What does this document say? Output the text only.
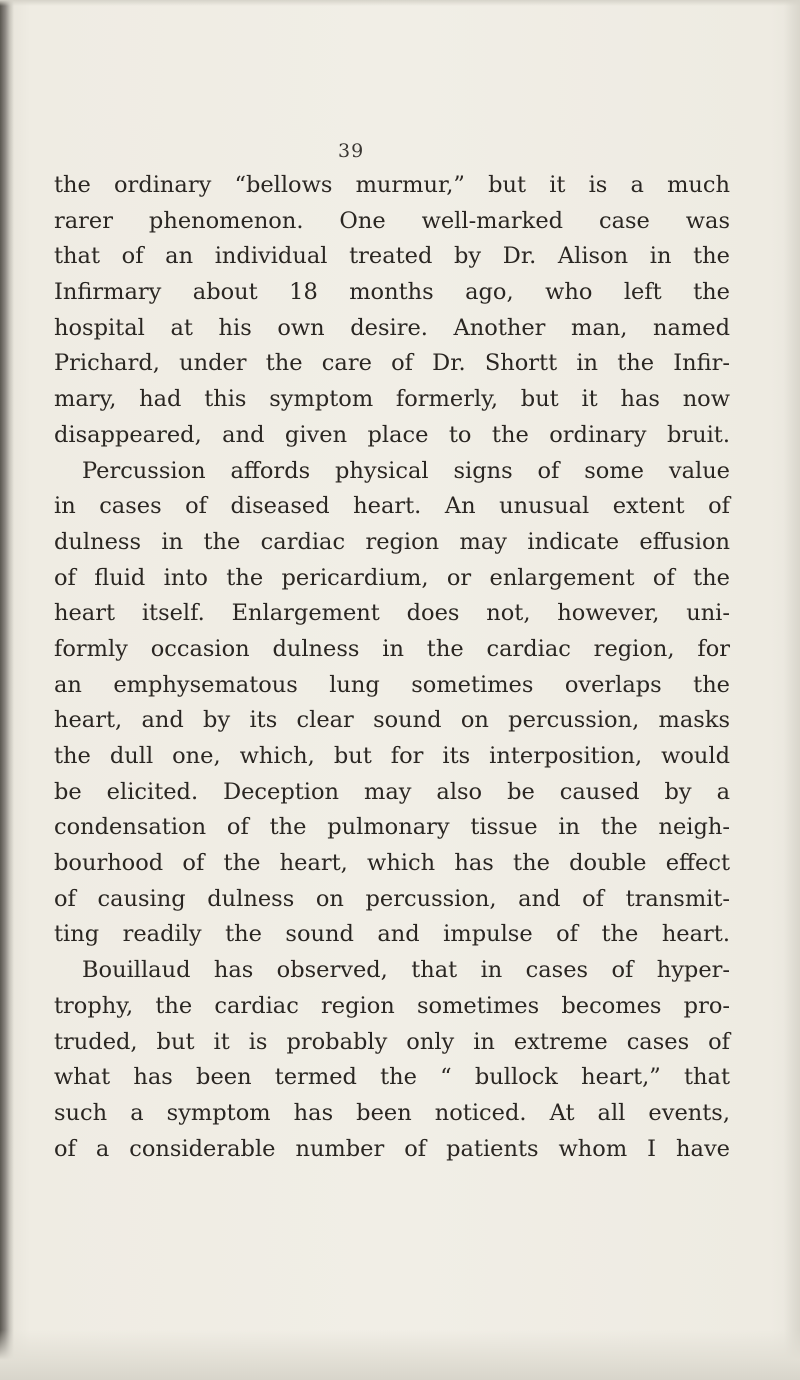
39
the ordinary “bellows murmur,” but it is a much
rarer phenomenon. One well-marked case was
that of an individual treated by Dr. Alison in the
Infirmary about 18 months ago, who left the
hospital at his own desire. Another man, named
Prichard, under the care of Dr. Shortt in the Infir-
mary, had this symptom formerly, but it has now
disappeared, and given place to the ordinary bruit.
Percussion affords physical signs of some value
in cases of diseased heart. An unusual extent of
dulness in the cardiac region may indicate effusion
of fluid into the pericardium, or enlargement of the
heart itself. Enlargement does not, however, uni-
formly occasion dulness in the cardiac region, for
an emphysematous lung sometimes overlaps the
heart, and by its clear sound on percussion, masks
the dull one, which, but for its interposition, would
be elicited. Deception may also be caused by a
condensation of the pulmonary tissue in the neigh-
bourhood of the heart, which has the double effect
of causing dulness on percussion, and of transmit-
ting readily the sound and impulse of the heart.
Bouillaud has observed, that in cases of hyper-
trophy, the cardiac region sometimes becomes pro-
truded, but it is probably only in extreme cases of
what has been termed the “ bullock heart,” that
such a symptom has been noticed. At all events,
of a considerable number of patients whom I have
